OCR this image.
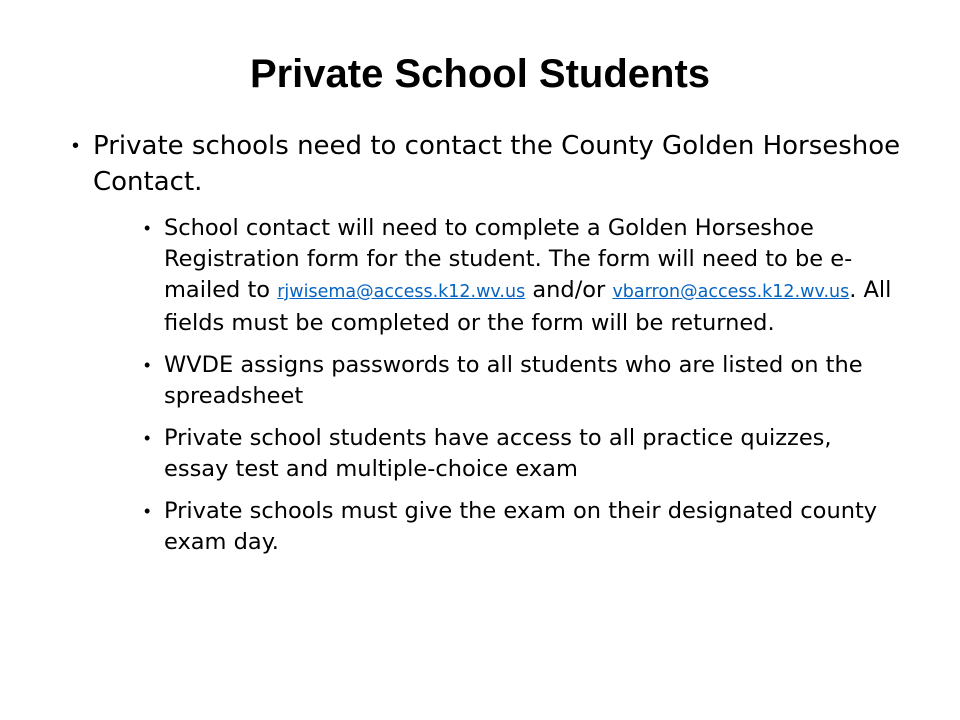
Private School Students
• Private schools need to contact the County Golden Horseshoe Contact.
• School contact will need to complete a Golden Horseshoe Registration form for the student. The form will need to be e-mailed to rjwisema@access.k12.wv.us and/or vbarron@access.k12.wv.us. All fields must be completed or the form will be returned.
• WVDE assigns passwords to all students who are listed on the spreadsheet
• Private school students have access to all practice quizzes, essay test and multiple-choice exam
• Private schools must give the exam on their designated county exam day.
